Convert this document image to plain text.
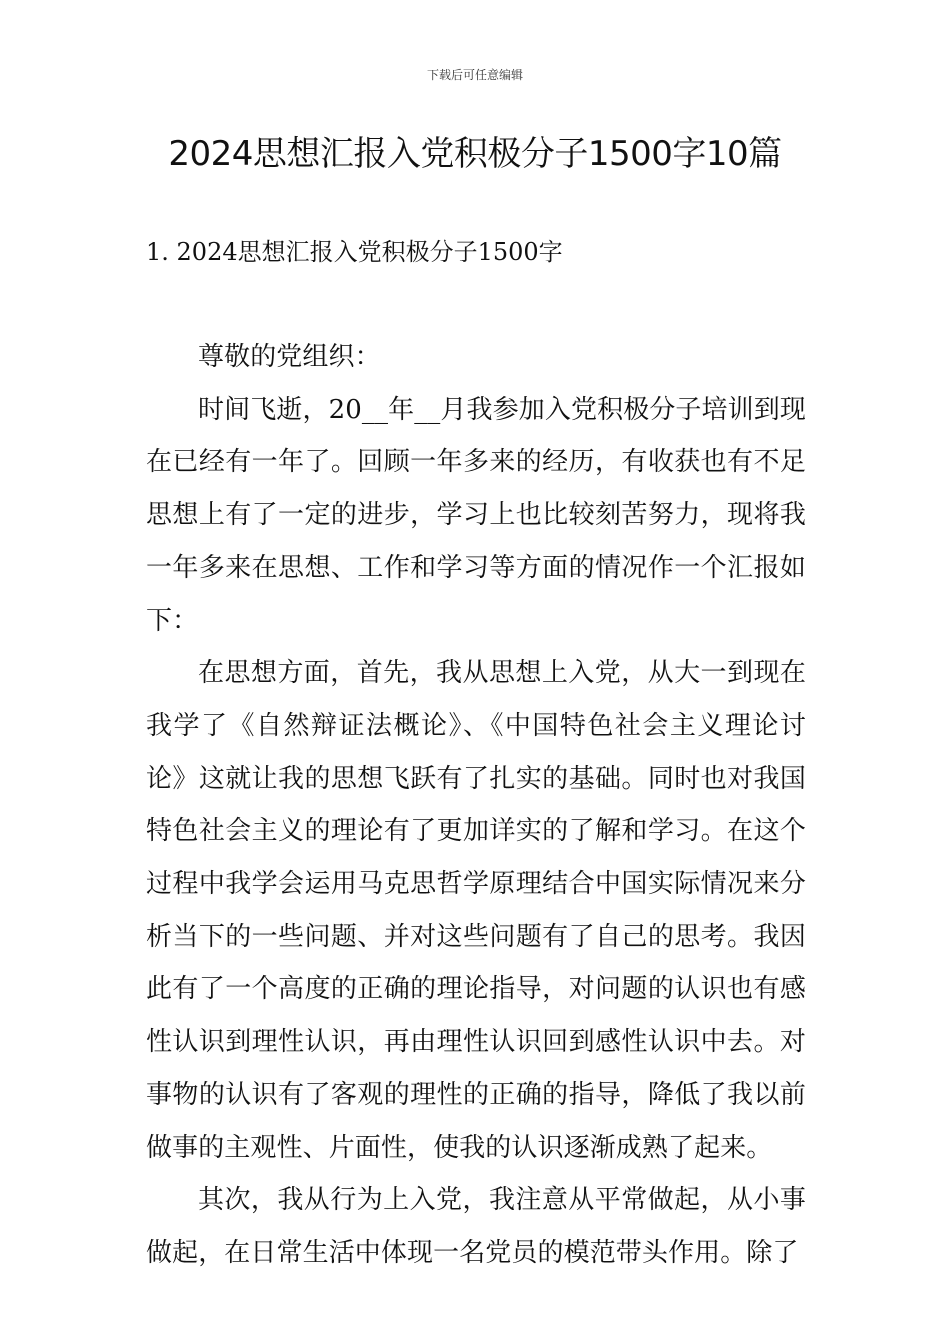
下载后可任意编辑
2024思想汇报入党积极分子1500字10篇
1. 2024思想汇报入党积极分子1500字

尊敬的党组织：

时间飞逝，20__年__月我参加入党积极分子培训到现在已经有一年了。回顾一年多来的经历，有收获也有不足思想上有了一定的进步，学习上也比较刻苦努力，现将我一年多来在思想、工作和学习等方面的情况作一个汇报如下：

在思想方面，首先，我从思想上入党，从大一到现在我学了《自然辩证法概论》、《中国特色社会主义理论讨论》这就让我的思想飞跃有了扎实的基础。同时也对我国特色社会主义的理论有了更加详实的了解和学习。在这个过程中我学会运用马克思哲学原理结合中国实际情况来分析当下的一些问题、并对这些问题有了自己的思考。我因此有了一个高度的正确的理论指导，对问题的认识也有感性认识到理性认识，再由理性认识回到感性认识中去。对事物的认识有了客观的理性的正确的指导，降低了我以前做事的主观性、片面性，使我的认识逐渐成熟了起来。

其次，我从行为上入党，我注意从平常做起，从小事做起，在日常生活中体现一名党员的模范带头作用。除了
